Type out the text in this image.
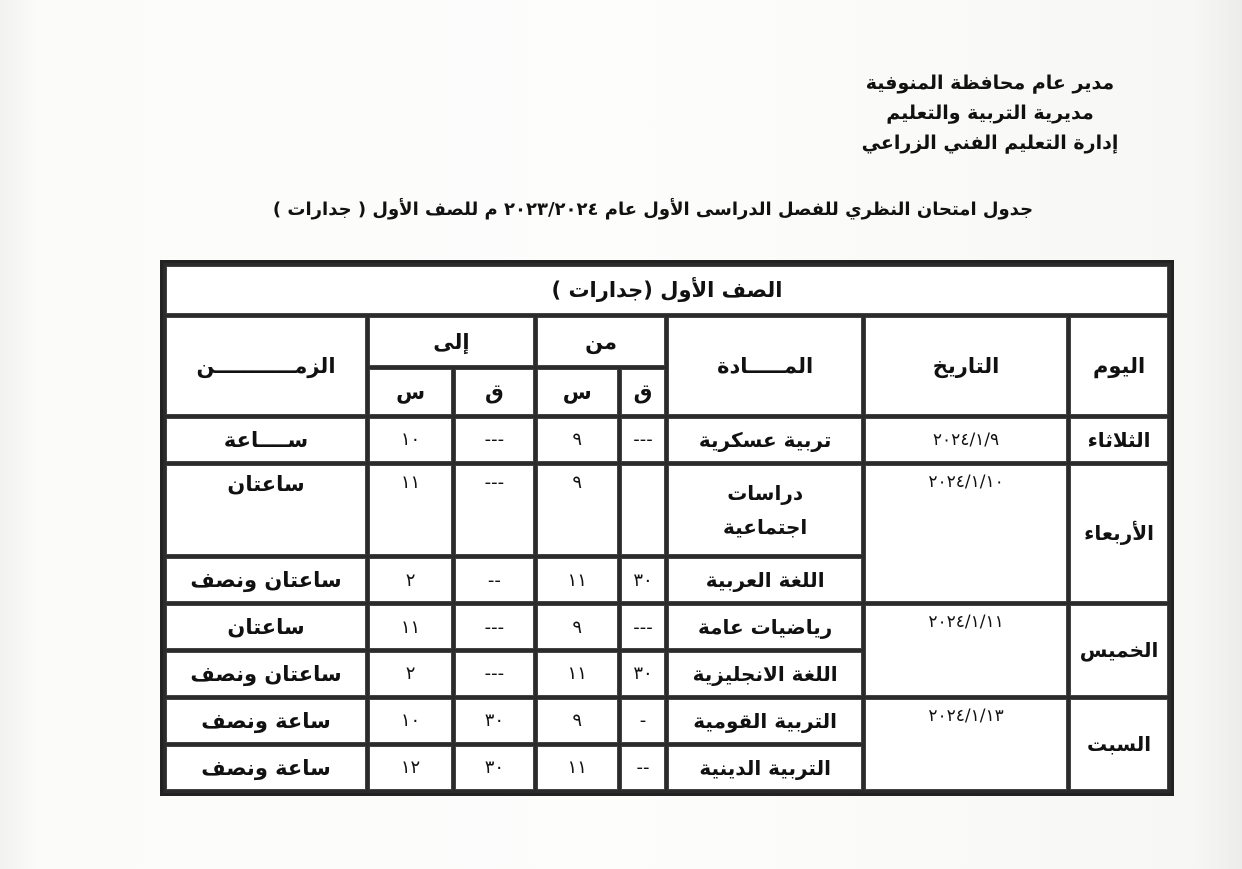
مدير عام محافظة المنوفية
مديرية التربية والتعليم
إدارة التعليم الفني الزراعي
جدول امتحان النظري للفصل الدراسى الأول عام ٢٠٢٣/٢٠٢٤ م للصف الأول ( جدارات )
الصف الأول (جدارات )							
اليوم	التاريخ	المـــــادة	من		إلى		الزمـــــــــــن
			ق	س	ق	س	
الثلاثاء	٢٠٢٤/١/٩	تربية عسكرية	---	٩	---	١٠	ســــاعة
الأربعاء	٢٠٢٤/١/١٠	دراسات اجتماعية		٩	---	١١	ساعتان
		اللغة العربية	٣٠	١١	--	٢	ساعتان ونصف
الخميس	٢٠٢٤/١/١١	رياضيات عامة	---	٩	---	١١	ساعتان
		اللغة الانجليزية	٣٠	١١	---	٢	ساعتان ونصف
السبت	٢٠٢٤/١/١٣	التربية القومية	-	٩	٣٠	١٠	ساعة ونصف
		التربية الدينية	--	١١	٣٠	١٢	ساعة ونصف
